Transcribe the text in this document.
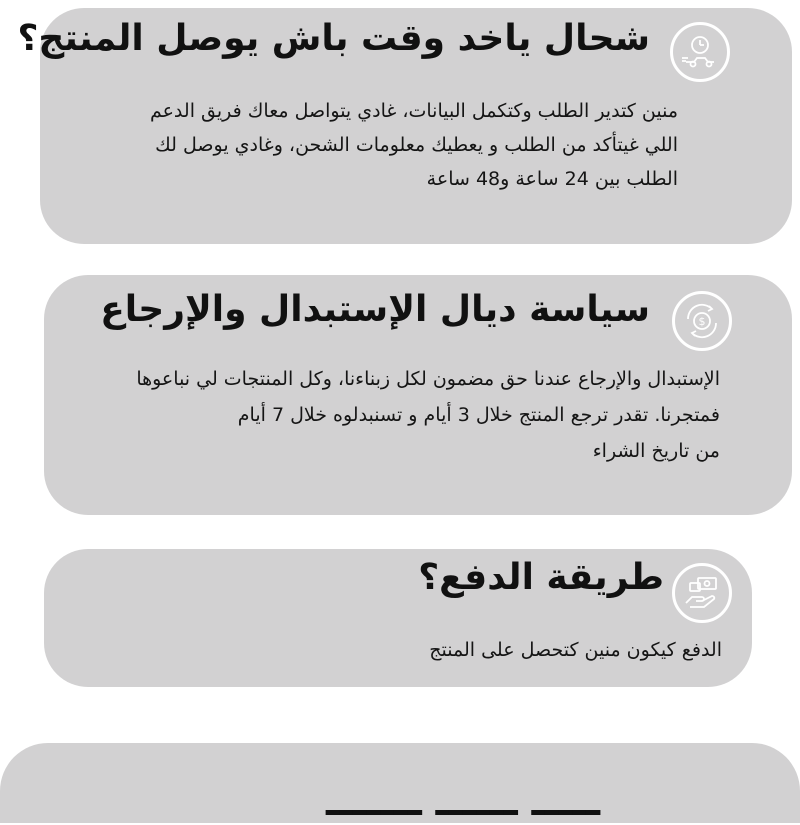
شحال ياخد وقت باش يوصل المنتج؟
منين كتدير الطلب وكتكمل البيانات، غادي يتواصل معاك فريق الدعم
اللي غيتأكد من الطلب و يعطيك معلومات الشحن، وغادي يوصل لك
الطلب بين 24 ساعة و48 ساعة
$
سياسة ديال الإستبدال والإرجاع
الإستبدال والإرجاع عندنا حق مضمون لكل زبناءنا، وكل المنتجات لي نباعوها
فمتجرنا. تقدر ترجع المنتج خلال 3 أيام و تسنبدلوه خلال 7 أيام
من تاريخ الشراء
طريقة الدفع؟
الدفع كيكون منين كتحصل على المنتج
ـــــ ــــــ ـــــــ
